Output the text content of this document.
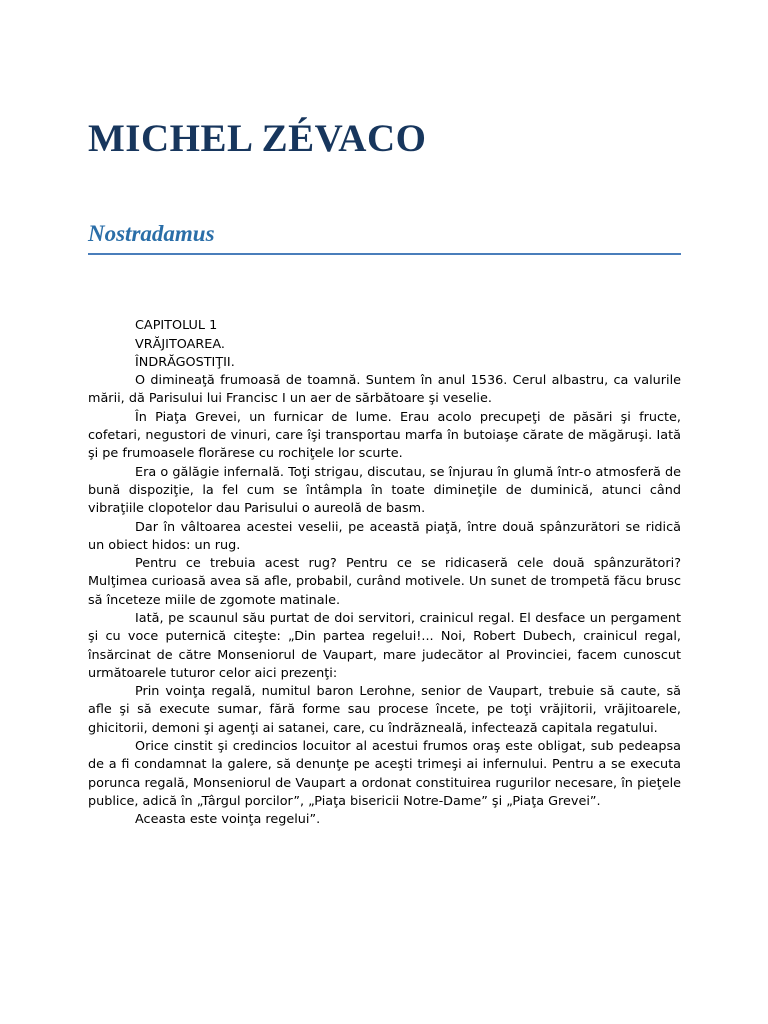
MICHEL ZÉVACO
Nostradamus

CAPITOLUL 1

VRĂJITOAREA.

ÎNDRĂGOSTIŢII.

O dimineaţă frumoasă de toamnă. Suntem în anul 1536. Cerul albastru, ca valurile mării, dă Parisului lui Francisc I un aer de sărbătoare şi veselie.

În Piaţa Grevei, un furnicar de lume. Erau acolo precupeţi de păsări şi fructe, cofetari, negustori de vinuri, care îşi transportau marfa în butoiaşe cărate de măgăruşi. Iată şi pe frumoasele florărese cu rochiţele lor scurte.

Era o gălăgie infernală. Toţi strigau, discutau, se înjurau în glumă într-o atmosferă de bună dispoziţie, la fel cum se întâmpla în toate dimineţile de duminică, atunci când vibraţiile clopotelor dau Parisului o aureolă de basm.

Dar în vâltoarea acestei veselii, pe această piaţă, între două spânzurători se ridică un obiect hidos: un rug.

Pentru ce trebuia acest rug? Pentru ce se ridicaseră cele două spânzurători? Mulţimea curioasă avea să afle, probabil, curând motivele. Un sunet de trompetă făcu brusc să înceteze miile de zgomote matinale.

Iată, pe scaunul său purtat de doi servitori, crainicul regal. El desface un pergament şi cu voce puternică citeşte: „Din partea regelui!... Noi, Robert Dubech, crainicul regal, însărcinat de către Monseniorul de Vaupart, mare judecător al Provinciei, facem cunoscut următoarele tuturor celor aici prezenţi:

Prin voinţa regală, numitul baron Lerohne, senior de Vaupart, trebuie să caute, să afle şi să execute sumar, fără forme sau procese încete, pe toţi vrăjitorii, vrăjitoarele, ghicitorii, demoni şi agenţi ai satanei, care, cu îndrăzneală, infectează capitala regatului.

Orice cinstit şi credincios locuitor al acestui frumos oraş este obligat, sub pedeapsa de a fi condamnat la galere, să denunţe pe aceşti trimeşi ai infernului. Pentru a se executa porunca regală, Monseniorul de Vaupart a ordonat constituirea rugurilor necesare, în pieţele publice, adică în „Târgul porcilor”, „Piaţa bisericii Notre-Dame” şi „Piaţa Grevei”.

Aceasta este voinţa regelui”.
